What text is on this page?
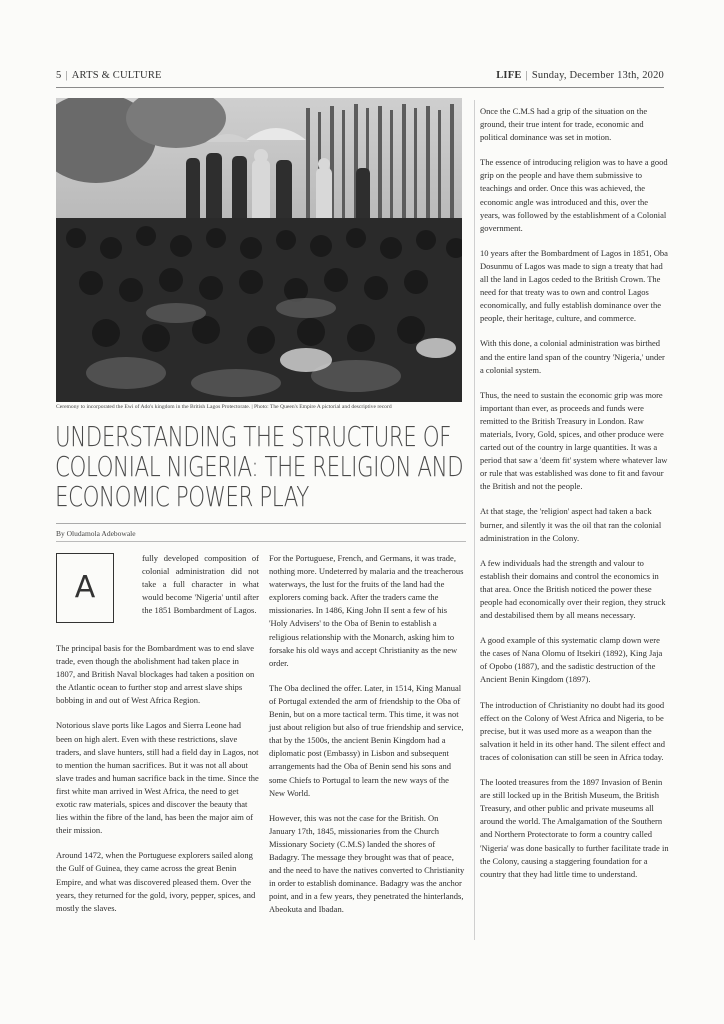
5 | ARTS & CULTURE	LIFE | Sunday, December 13th, 2020
Ceremony to incorporated the Ewi of Ado's kingdom in the British Lagos Protectorate. | Photo: The Queen's Empire A pictorial and descriptive record
UNDERSTANDING THE STRUCTURE OF COLONIAL NIGERIA: THE RELIGION AND ECONOMIC POWER PLAY
By Oludamola Adebowale
A
fully developed composition of colonial administration did not take a full character in what would become 'Nigeria' until after the 1851 Bombardment of Lagos.

The principal basis for the Bombardment was to end slave trade, even though the abolishment had taken place in 1807, and British Naval blockages had taken a position on the Atlantic ocean to further stop and arrest slave ships bobbing in and out of West Africa Region.

Notorious slave ports like Lagos and Sierra Leone had been on high alert. Even with these restrictions, slave traders, and slave hunters, still had a field day in Lagos, not to mention the human sacrifices. But it was not all about slave trades and human sacrifice back in the time. Since the first white man arrived in West Africa, the need to get exotic raw materials, spices and discover the beauty that lies within the fibre of the land, has been the major aim of their mission.

Around 1472, when the Portuguese explorers sailed along the Gulf of Guinea, they came across the great Benin Empire, and what was discovered pleased them. Over the years, they returned for the gold, ivory, pepper, spices, and mostly the slaves.

For the Portuguese, French, and Germans, it was trade, nothing more. Undeterred by malaria and the treacherous waterways, the lust for the fruits of the land had the explorers coming back. After the traders came the missionaries. In 1486, King John II sent a few of his 'Holy Advisers' to the Oba of Benin to establish a religious relationship with the Monarch, asking him to forsake his old ways and accept Christianity as the new order.

The Oba declined the offer. Later, in 1514, King Manual of Portugal extended the arm of friendship to the Oba of Benin, but on a more tactical term. This time, it was not just about religion but also of true friendship and service, that by the 1500s, the ancient Benin Kingdom had a diplomatic post (Embassy) in Lisbon and subsequent arrangements had the Oba of Benin send his sons and some Chiefs to Portugal to learn the new ways of the New World.

However, this was not the case for the British. On January 17th, 1845, missionaries from the Church Missionary Society (C.M.S) landed the shores of Badagry. The message they brought was that of peace, and the need to have the natives converted to Christianity in order to establish dominance. Badagry was the anchor point, and in a few years, they penetrated the hinterlands, Abeokuta and Ibadan.

Once the C.M.S had a grip of the situation on the ground, their true intent for trade, economic and political dominance was set in motion.

The essence of introducing religion was to have a good grip on the people and have them submissive to teachings and order. Once this was achieved, the economic angle was introduced and this, over the years, was followed by the establishment of a Colonial government.

10 years after the Bombardment of Lagos in 1851, Oba Dosunmu of Lagos was made to sign a treaty that had all the land in Lagos ceded to the British Crown. The need for that treaty was to own and control Lagos economically, and fully establish dominance over the people, their heritage, culture, and commerce.

With this done, a colonial administration was birthed and the entire land span of the country 'Nigeria,' under a colonial system.

Thus, the need to sustain the economic grip was more important than ever, as proceeds and funds were remitted to the British Treasury in London. Raw materials, Ivory, Gold, spices, and other produce were carted out of the country in large quantities. It was a period that saw a 'deem fit' system where whatever law or rule that was established was done to fit and favour the British and not the people.

At that stage, the 'religion' aspect had taken a back burner, and silently it was the oil that ran the colonial administration in the Colony.

A few individuals had the strength and valour to establish their domains and control the economics in that area. Once the British noticed the power these people had economically over their region, they struck and destabilised them by all means necessary.

A good example of this systematic clamp down were the cases of Nana Olomu of Itsekiri (1892), King Jaja of Opobo (1887), and the sadistic destruction of the Ancient Benin Kingdom (1897).

The introduction of Christianity no doubt had its good effect on the Colony of West Africa and Nigeria, to be precise, but it was used more as a weapon than the salvation it held in its other hand. The silent effect and traces of colonisation can still be seen in Africa today.

The looted treasures from the 1897 Invasion of Benin are still locked up in the British Museum, the British Treasury, and other public and private museums all around the world. The Amalgamation of the Southern and Northern Protectorate to form a country called 'Nigeria' was done basically to further facilitate trade in the Colony, causing a staggering foundation for a country that they had little time to understand.
